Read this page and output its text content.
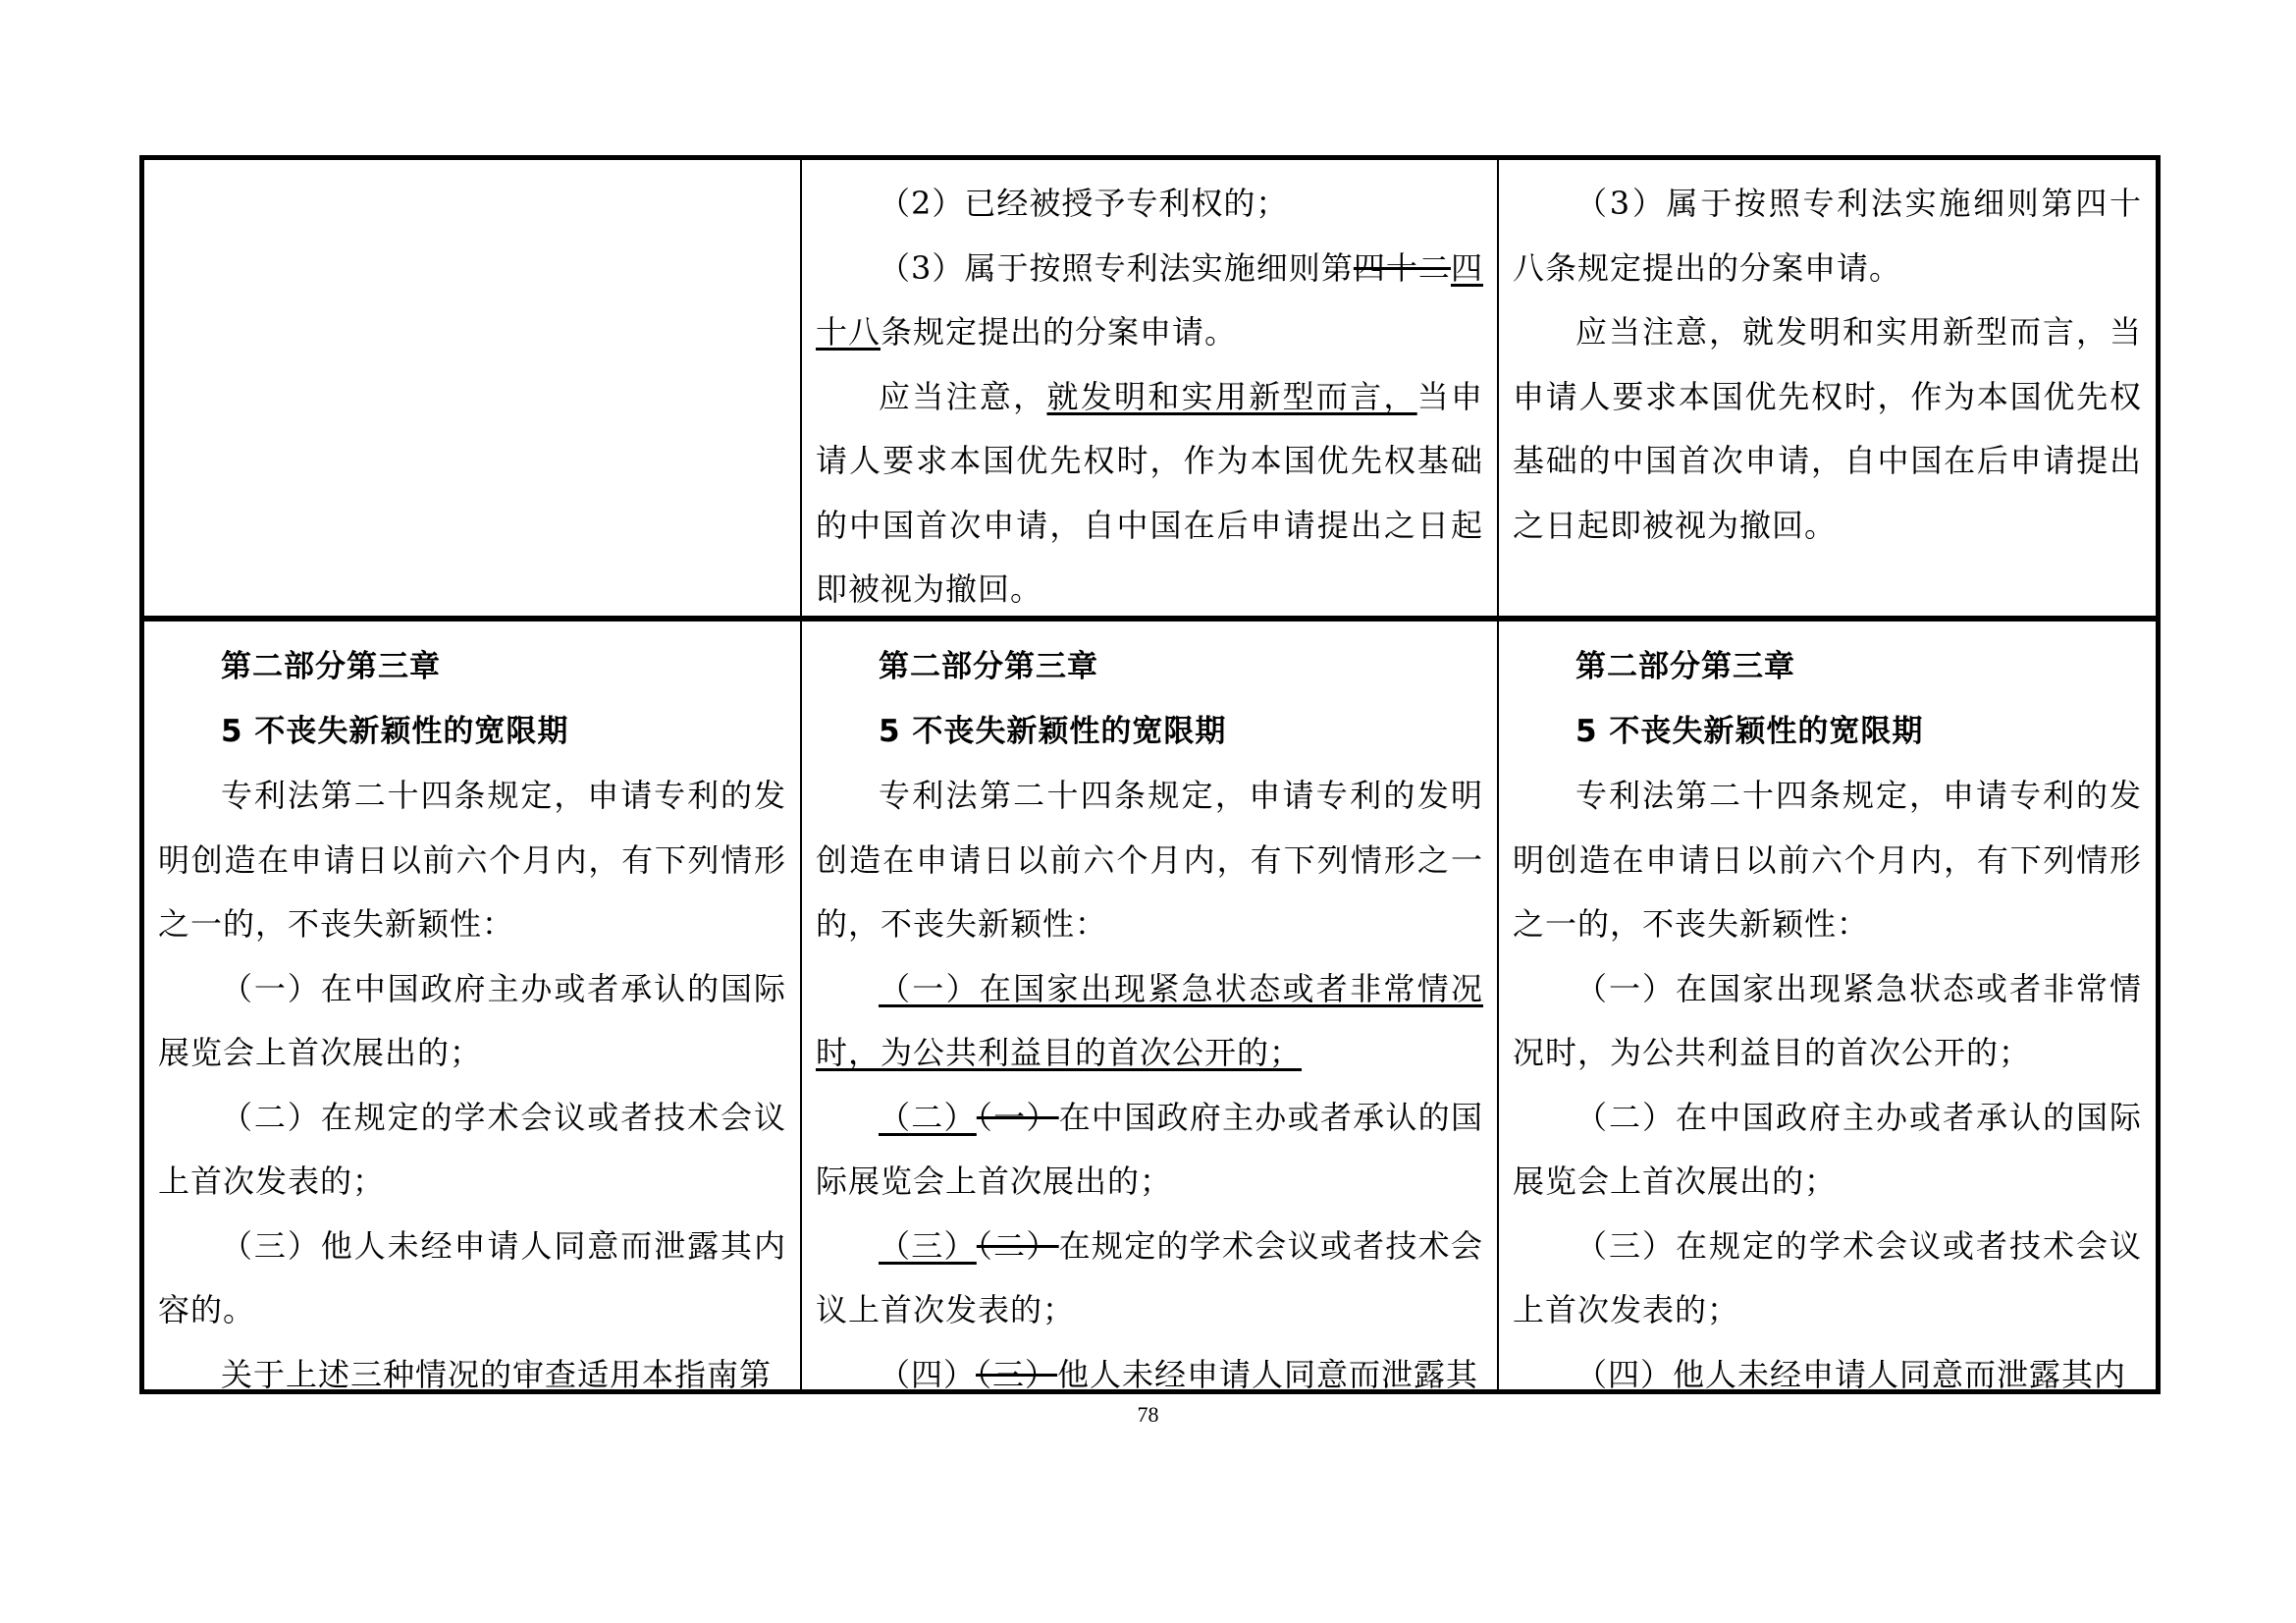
（2）已经被授予专利权的；

（3）属于按照专利法实施细则第四十二四十八条规定提出的分案申请。

应当注意，就发明和实用新型而言，当申请人要求本国优先权时，作为本国优先权基础的中国首次申请，自中国在后申请提出之日起即被视为撤回。

（3）属于按照专利法实施细则第四十八条规定提出的分案申请。

应当注意，就发明和实用新型而言，当申请人要求本国优先权时，作为本国优先权基础的中国首次申请，自中国在后申请提出之日起即被视为撤回。

第二部分第三章

5 不丧失新颖性的宽限期

专利法第二十四条规定，申请专利的发明创造在申请日以前六个月内，有下列情形之一的，不丧失新颖性：

（一）在中国政府主办或者承认的国际展览会上首次展出的；

（二）在规定的学术会议或者技术会议上首次发表的；

（三）他人未经申请人同意而泄露其内容的。

关于上述三种情况的审查适用本指南第

第二部分第三章

5 不丧失新颖性的宽限期

专利法第二十四条规定，申请专利的发明创造在申请日以前六个月内，有下列情形之一的，不丧失新颖性：

（一）在国家出现紧急状态或者非常情况时，为公共利益目的首次公开的；

（二）（一）在中国政府主办或者承认的国际展览会上首次展出的；

（三）（二）在规定的学术会议或者技术会议上首次发表的；

（四）（三）他人未经申请人同意而泄露其

第二部分第三章

5 不丧失新颖性的宽限期

专利法第二十四条规定，申请专利的发明创造在申请日以前六个月内，有下列情形之一的，不丧失新颖性：

（一）在国家出现紧急状态或者非常情况时，为公共利益目的首次公开的；

（二）在中国政府主办或者承认的国际展览会上首次展出的；

（三）在规定的学术会议或者技术会议上首次发表的；

（四）他人未经申请人同意而泄露其内

78
